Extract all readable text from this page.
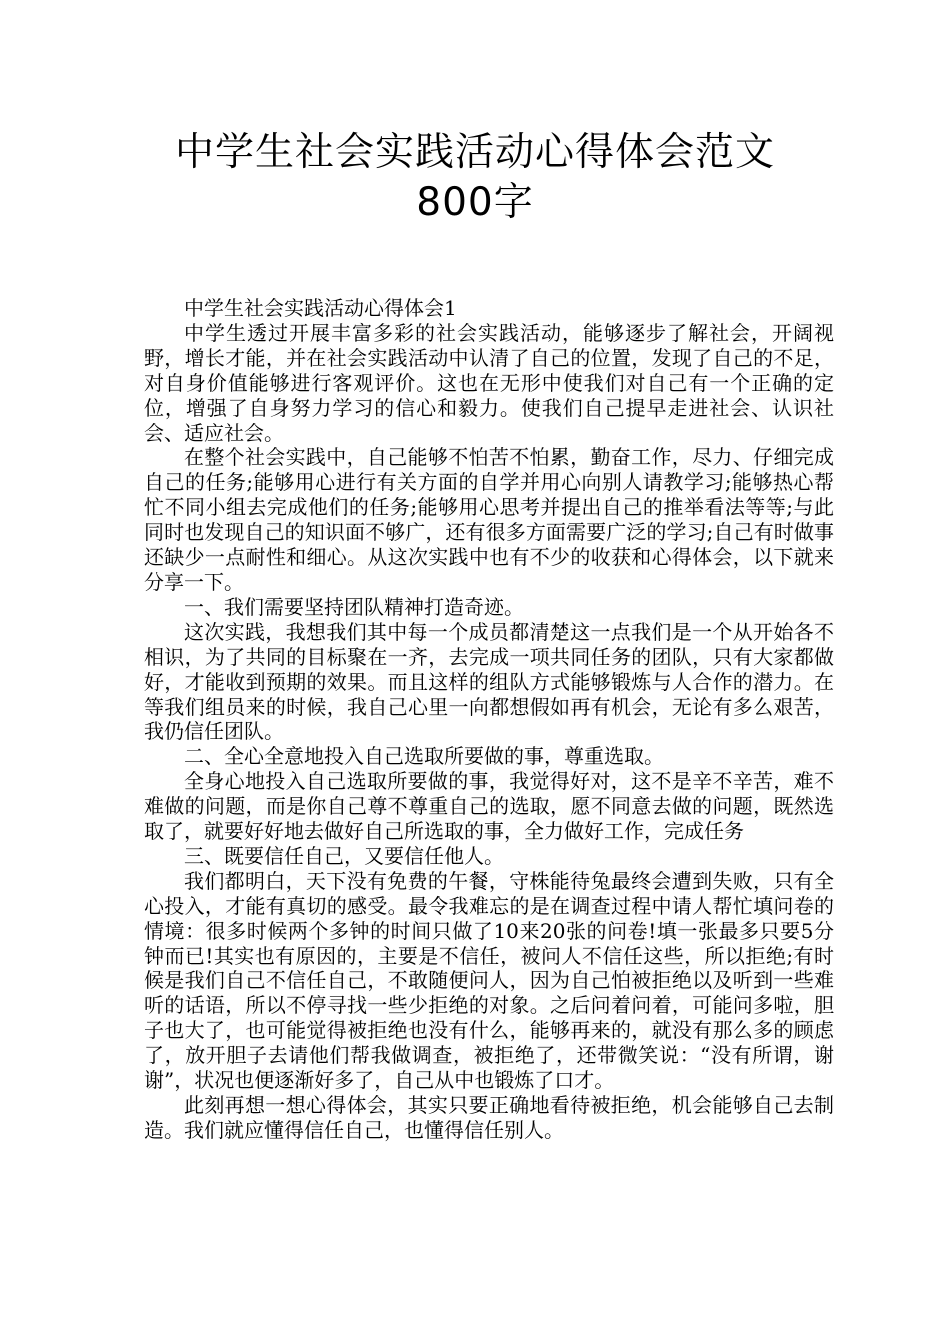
中学生社会实践活动心得体会范文800字

中学生社会实践活动心得体会1

中学生透过开展丰富多彩的社会实践活动，能够逐步了解社会，开阔视野，增长才能，并在社会实践活动中认清了自己的位置，发现了自己的不足，对自身价值能够进行客观评价。这也在无形中使我们对自己有一个正确的定位，增强了自身努力学习的信心和毅力。使我们自己提早走进社会、认识社会、适应社会。

在整个社会实践中，自己能够不怕苦不怕累，勤奋工作，尽力、仔细完成自己的任务;能够用心进行有关方面的自学并用心向别人请教学习;能够热心帮忙不同小组去完成他们的任务;能够用心思考并提出自己的推举看法等等;与此同时也发现自己的知识面不够广，还有很多方面需要广泛的学习;自己有时做事还缺少一点耐性和细心。从这次实践中也有不少的收获和心得体会，以下就来分享一下。

一、我们需要坚持团队精神打造奇迹。

这次实践，我想我们其中每一个成员都清楚这一点我们是一个从开始各不相识，为了共同的目标聚在一齐，去完成一项共同任务的团队，只有大家都做好，才能收到预期的效果。而且这样的组队方式能够锻炼与人合作的潜力。在等我们组员来的时候，我自己心里一向都想假如再有机会，无论有多么艰苦，我仍信任团队。

二、全心全意地投入自己选取所要做的事，尊重选取。

全身心地投入自己选取所要做的事，我觉得好对，这不是辛不辛苦，难不难做的问题，而是你自己尊不尊重自己的选取，愿不同意去做的问题，既然选取了，就要好好地去做好自己所选取的事，全力做好工作，完成任务

三、既要信任自己，又要信任他人。

我们都明白，天下没有免费的午餐，守株能待兔最终会遭到失败，只有全心投入，才能有真切的感受。最令我难忘的是在调查过程中请人帮忙填问卷的情境：很多时候两个多钟的时间只做了10来20张的问卷!填一张最多只要5分钟而已!其实也有原因的，主要是不信任，被问人不信任这些，所以拒绝;有时候是我们自己不信任自己，不敢随便问人，因为自己怕被拒绝以及听到一些难听的话语，所以不停寻找一些少拒绝的对象。之后问着问着，可能问多啦，胆子也大了，也可能觉得被拒绝也没有什么，能够再来的，就没有那么多的顾虑了，放开胆子去请他们帮我做调查，被拒绝了，还带微笑说：“没有所谓，谢谢”，状况也便逐渐好多了，自己从中也锻炼了口才。

此刻再想一想心得体会，其实只要正确地看待被拒绝，机会能够自己去制造。我们就应懂得信任自己，也懂得信任别人。
